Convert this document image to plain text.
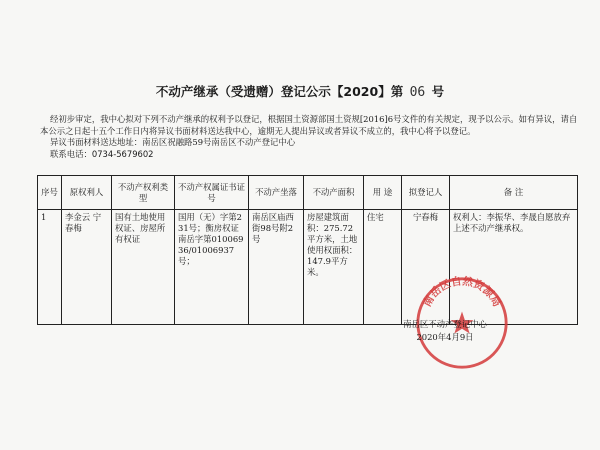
不动产继承（受遗赠）登记公示【2020】第 06 号

经初步审定，我中心拟对下列不动产继承的权利予以登记，根据国土资源部国土资规[2016]6号文件的有关规定，现予以公示。如有异议，请自本公示之日起十五个工作日内将异议书面材料送达我中心，逾期无人提出异议或者异议不成立的，我中心将予以登记。

异议书面材料送达地址：南岳区祝融路59号南岳区不动产登记中心

联系电话：0734-5679602

序号	原权利人	不动产权利类型	不动产权属证书证号	不动产坐落	不动产面积	用 途	拟登记人	备 注
1	李金云 宁春梅	国有土地使用权证、房屋所有权证	国用（无）字第231号；衡房权证南岳字第01006936/01006937号；	南岳区庙西街98号附2号	房屋建筑面积：275.72平方米，土地使用权面积：147.9平方米。	住宅	宁春梅	权利人：李振华、李晟自愿放弃上述不动产继承权。
南岳区自然资源局
南岳区不动产登记中心
2020年4月9日
